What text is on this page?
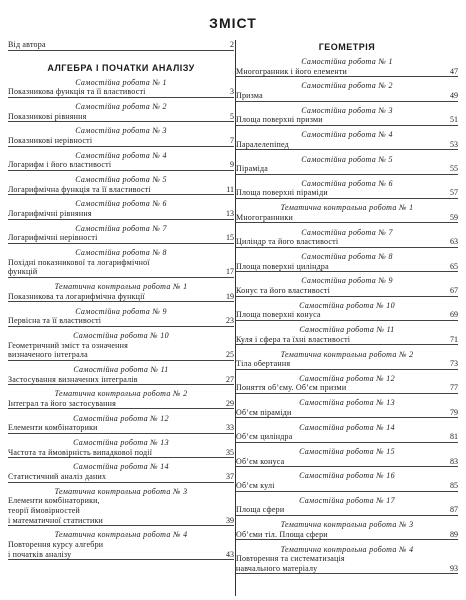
ЗМІСТ
Від автора	2
АЛГЕБРА І ПОЧАТКИ АНАЛІЗУ
Самостійна робота № 1
Показникова функція та її властивості	3
Самостійна робота № 2
Показникові рівняння	5
Самостійна робота № 3
Показникові нерівності	7
Самостійна робота № 4
Логарифм і його властивості	9
Самостійна робота № 5
Логарифмічна функція та її властивості	11
Самостійна робота № 6
Логарифмічні рівняння	13
Самостійна робота № 7
Логарифмічні нерівності	15
Самостійна робота № 8
Похідні показникової та логарифмічної
функцій	17
Тематична контрольна робота № 1
Показникова та логарифмічна функції	19
Самостійна робота № 9
Первісна та її властивості	23
Самостійна робота № 10
Геометричний зміст та означення
визначеного інтеграла	25
Самостійна робота № 11
Застосування визначених інтегралів	27
Тематична контрольна робота № 2
Інтеграл та його застосування	29
Самостійна робота № 12
Елементи комбінаторики	33
Самостійна робота № 13
Частота та ймовірність випадкової події	35
Самостійна робота № 14
Статистичний аналіз даних	37
Тематична контрольна робота № 3
Елементи комбінаторики,
теорії ймовірностей
і математичної статистики	39
Тематична контрольна робота № 4
Повторення курсу алгебри
і початків аналізу	43
ГЕОМЕТРІЯ
Самостійна робота № 1
Многогранник і його елементи	47
Самостійна робота № 2
Призма	49
Самостійна робота № 3
Площа поверхні призми	51
Самостійна робота № 4
Паралелепіпед	53
Самостійна робота № 5
Піраміда	55
Самостійна робота № 6
Площа поверхні піраміди	57
Тематична контрольна робота № 1
Многогранники	59
Самостійна робота № 7
Циліндр та його властивості	63
Самостійна робота № 8
Площа поверхні циліндра	65
Самостійна робота № 9
Конус та його властивості	67
Самостійна робота № 10
Площа поверхні конуса	69
Самостійна робота № 11
Куля і сфера та їхні властивості	71
Тематична контрольна робота № 2
Тіла обертання	73
Самостійна робота № 12
Поняття об’єму. Об’єм призми	77
Самостійна робота № 13
Об’єм піраміди	79
Самостійна робота № 14
Об’єм циліндра	81
Самостійна робота № 15
Об’єм конуса	83
Самостійна робота № 16
Об’єм кулі	85
Самостійна робота № 17
Площа сфери	87
Тематична контрольна робота № 3
Об’єми тіл. Площа сфери	89
Тематична контрольна робота № 4
Повторення та систематизація
навчального матеріалу	93
